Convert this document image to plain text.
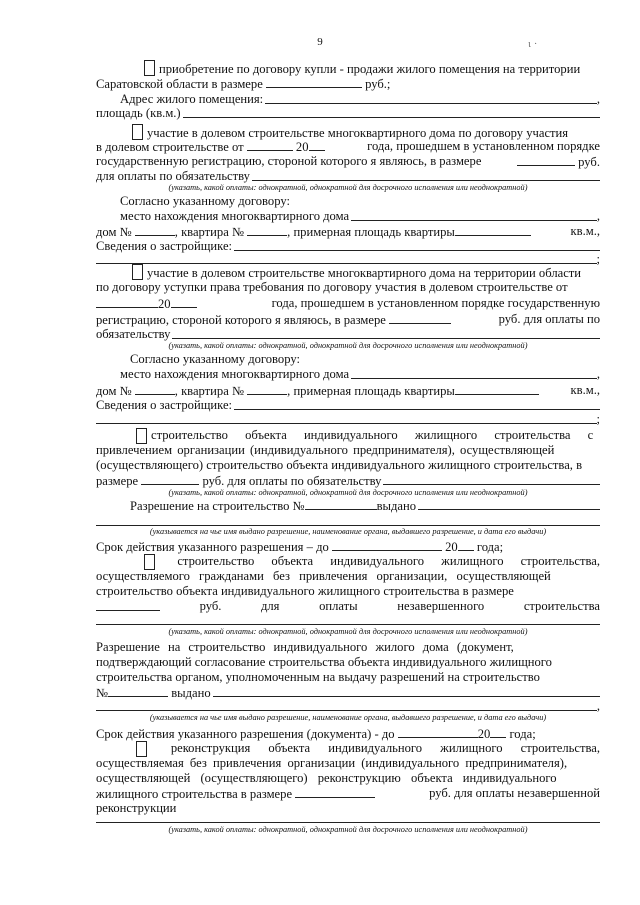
9	ι ·
приобретение по договору купли - продажи жилого помещения на территории
Саратовской области в размере	руб.;
Адрес жилого помещения:	,
площадь (кв.м.)
участие в долевом строительстве многоквартирного дома по договору участия
в долевом строительстве от	20	года, прошедшем в установленном порядке
государственную регистрацию, стороной которого я являюсь, в размере	руб.
для оплаты по обязательству
(указать, какой оплаты: однократной, однократной для досрочного исполнения или неоднократной)
Согласно указанному договору:
место нахождения многоквартирного дома	,
дом №	, квартира №	, примерная площадь квартиры	кв.м.,
Сведения о застройщике:
;
участие в долевом строительстве многоквартирного дома на территории области
по договору уступки права требования по договору участия в долевом строительстве от
20	года, прошедшем в установленном порядке государственную
регистрацию, стороной которого я являюсь, в размере	руб. для оплаты по
обязательству
(указать, какой оплаты: однократной, однократной для досрочного исполнения или неоднократной)
Согласно указанному договору:
место нахождения многоквартирного дома	,
дом №	, квартира №	, примерная площадь квартиры	кв.м.,
Сведения о застройщике:
;
строительство объекта индивидуального жилищного строительства с
привлечением организации (индивидуального предпринимателя), осуществляющей
(осуществляющего) строительство объекта индивидуального жилищного строительства, в
размере	руб. для оплаты по обязательству
(указать, какой оплаты: однократной, однократной для досрочного исполнения или неоднократной)
Разрешение на строительство №	выдано
(указывается на чье имя выдано разрешение, наименование органа, выдавшего разрешение, и дата его выдачи)
Срок действия указанного разрешения – до	20 года;
строительство объекта индивидуального жилищного строительства,
осуществляемого гражданами без привлечения организации, осуществляющей
строительство объекта индивидуального жилищного строительства в размере
руб.	для	оплаты	незавершенного	строительства
(указать, какой оплаты: однократной, однократной для досрочного исполнения или неоднократной)
Разрешение на строительство индивидуального жилого дома (документ,
подтверждающий согласование строительства объекта индивидуального жилищного
строительства органом, уполномоченным на выдачу разрешений на строительство
№	выдано
,
(указывается на чье имя выдано разрешение, наименование органа, выдавшего разрешение, и дата его выдачи)
Срок действия указанного разрешения (документа) - до	20 года;
реконструкция объекта индивидуального жилищного строительства,
осуществляемая без привлечения организации (индивидуального предпринимателя),
осуществляющей (осуществляющего) реконструкцию объекта индивидуального
жилищного строительства в размере	руб. для оплаты незавершенной
реконструкции
(указать, какой оплаты: однократной, однократной для досрочного исполнения или неоднократной)
